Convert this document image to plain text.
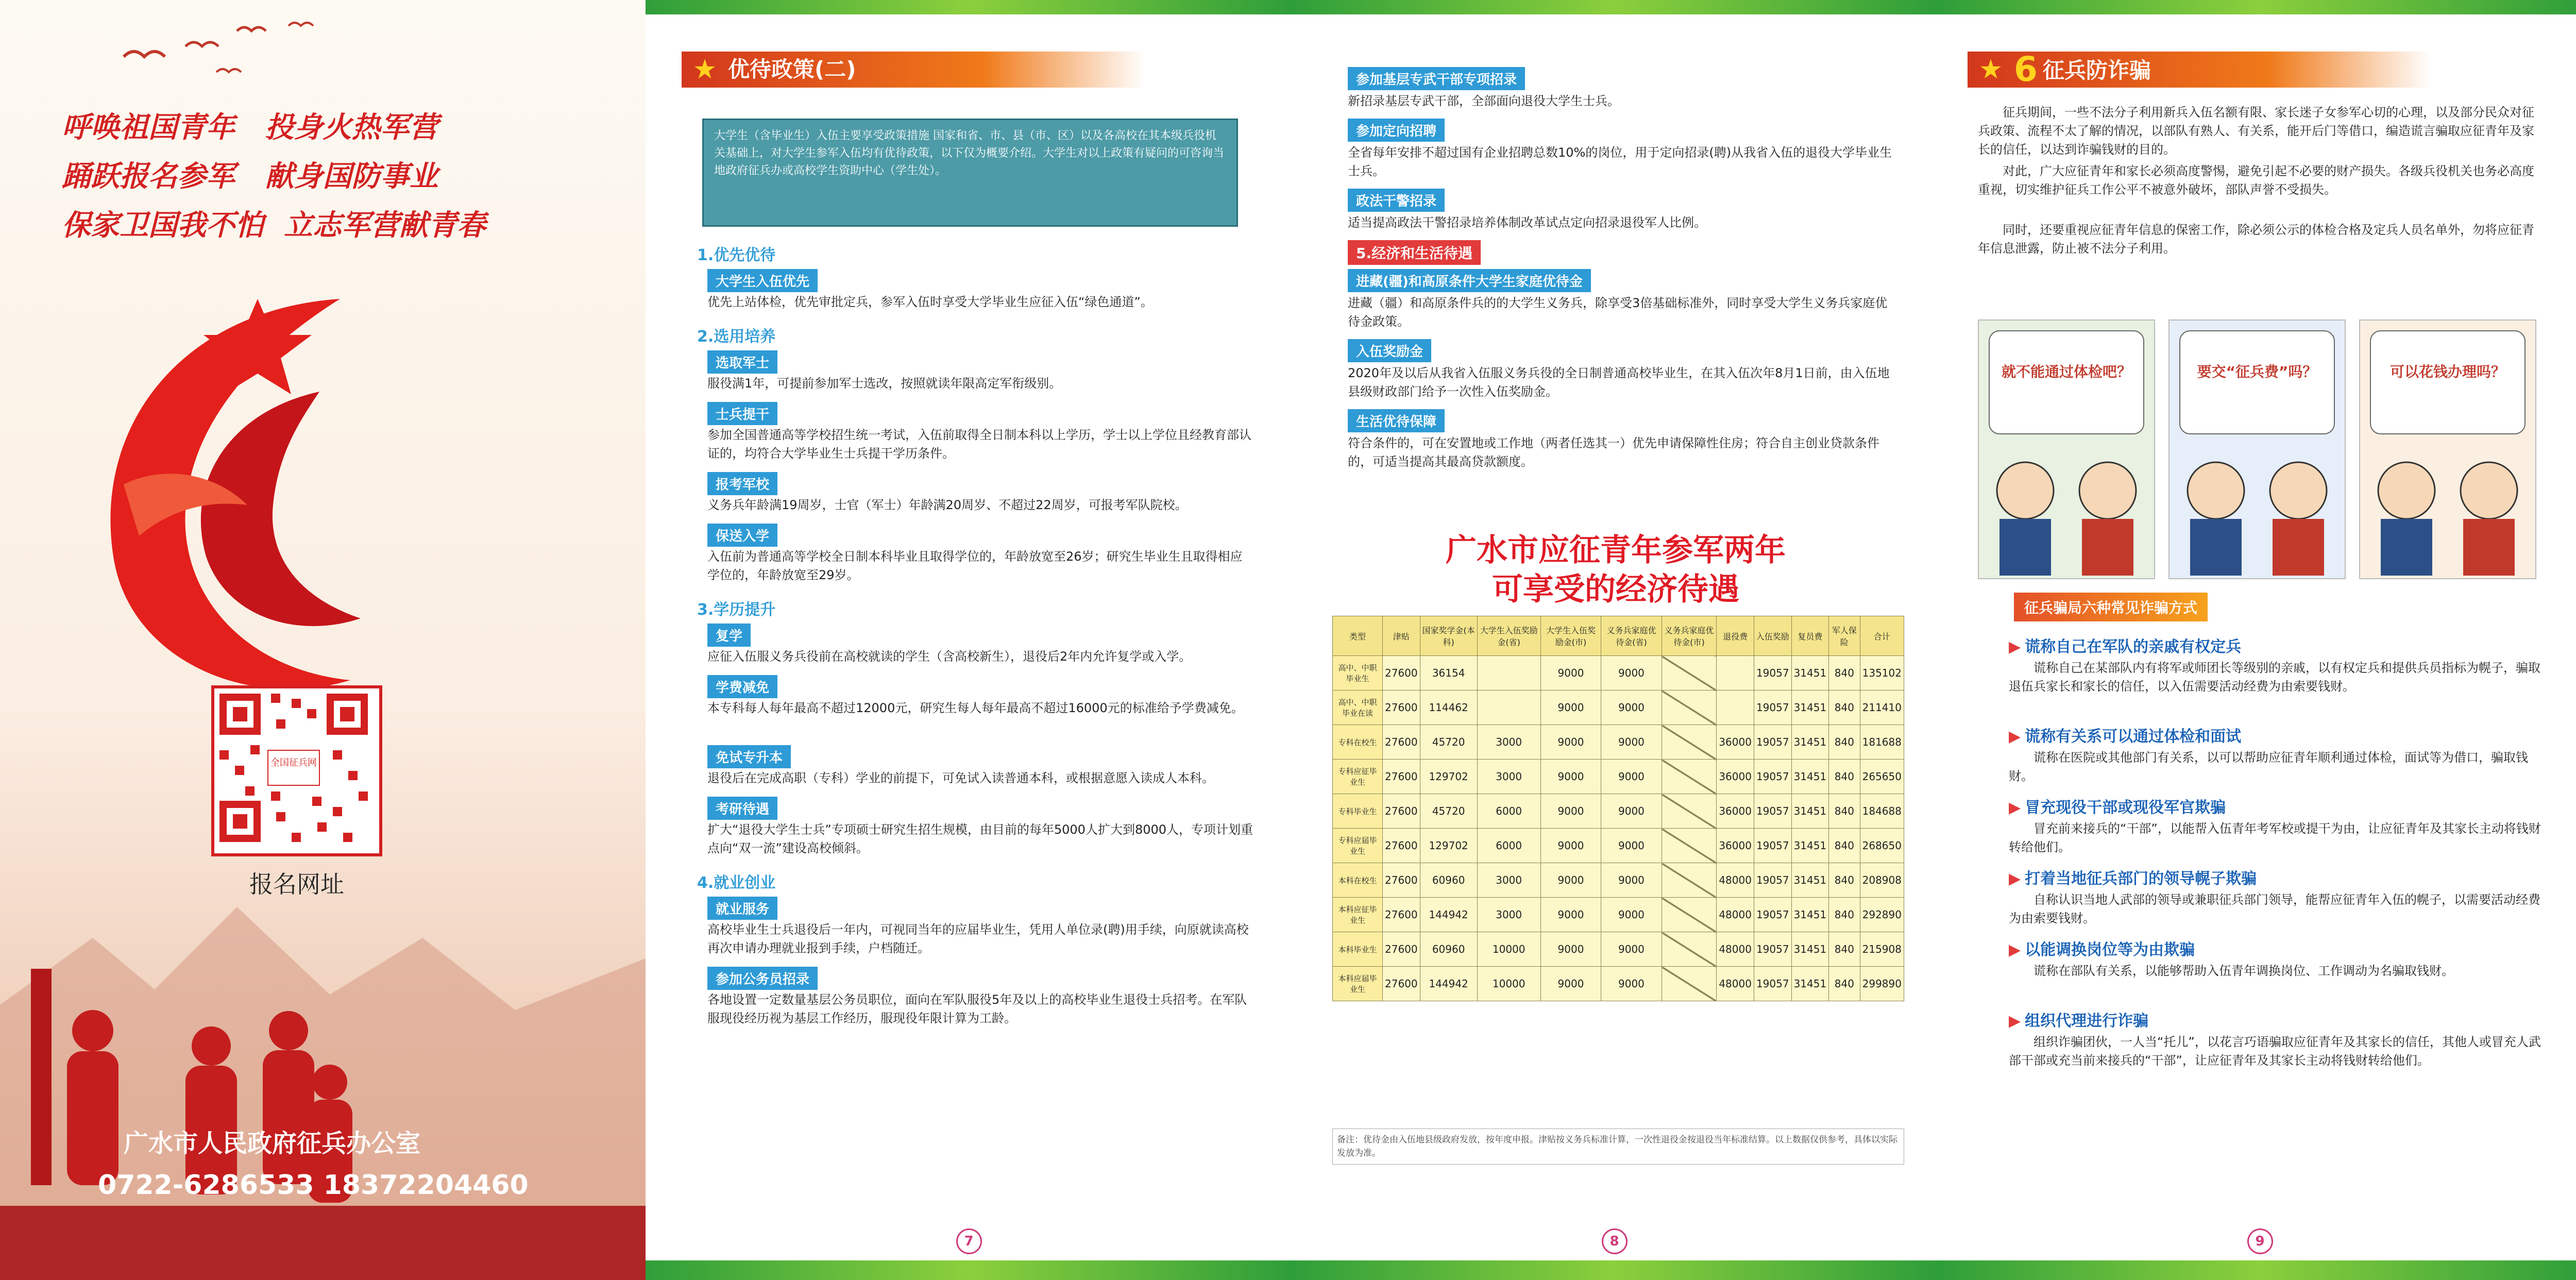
呼唤祖国青年 投身火热军营
踊跃报名参军 献身国防事业
保家卫国我不怕 立志军营献青春
全国征兵网
报名网址
广水市人民政府征兵办公室
0722-6286533 18372204460
★ 优待政策(二)
大学生（含毕业生）入伍主要享受政策措施 国家和省、市、县（市、区）以及各高校在其本级兵役机关基础上，对大学生参军入伍均有优待政策，以下仅为概要介绍。大学生对以上政策有疑问的可咨询当地政府征兵办或高校学生资助中心（学生处）。
1.优先优待
大学生入伍优先
优先上站体检，优先审批定兵，参军入伍时享受大学毕业生应征入伍“绿色通道”。
2.选用培养
选取军士
服役满1年，可提前参加军士选改，按照就读年限高定军衔级别。
士兵提干
参加全国普通高等学校招生统一考试，入伍前取得全日制本科以上学历，学士以上学位且经教育部认证的，均符合大学毕业生士兵提干学历条件。
报考军校
义务兵年龄满19周岁，士官（军士）年龄满20周岁、不超过22周岁，可报考军队院校。
保送入学
入伍前为普通高等学校全日制本科毕业且取得学位的，年龄放宽至26岁；研究生毕业生且取得相应学位的，年龄放宽至29岁。
3.学历提升
复学
应征入伍服义务兵役前在高校就读的学生（含高校新生），退役后2年内允许复学或入学。
学费减免
本专科每人每年最高不超过12000元，研究生每人每年最高不超过16000元的标准给予学费减免。
免试专升本
退役后在完成高职（专科）学业的前提下，可免试入读普通本科，或根据意愿入读成人本科。
考研待遇
扩大“退役大学生士兵”专项硕士研究生招生规模，由目前的每年5000人扩大到8000人，专项计划重点向“双一流”建设高校倾斜。
4.就业创业
就业服务
高校毕业生士兵退役后一年内，可视同当年的应届毕业生，凭用人单位录(聘)用手续，向原就读高校再次申请办理就业报到手续，户档随迁。
参加公务员招录
各地设置一定数量基层公务员职位，面向在军队服役5年及以上的高校毕业生退役士兵招考。在军队服现役经历视为基层工作经历，服现役年限计算为工龄。
7
参加基层专武干部专项招录
新招录基层专武干部，全部面向退役大学生士兵。
参加定向招聘
全省每年安排不超过国有企业招聘总数10%的岗位，用于定向招录(聘)从我省入伍的退役大学毕业生士兵。
政法干警招录
适当提高政法干警招录培养体制改革试点定向招录退役军人比例。
5.经济和生活待遇
进藏(疆)和高原条件大学生家庭优待金
进藏（疆）和高原条件兵的的大学生义务兵，除享受3倍基础标准外，同时享受大学生义务兵家庭优待金政策。
入伍奖励金
2020年及以后从我省入伍服义务兵役的全日制普通高校毕业生，在其入伍次年8月1日前，由入伍地县级财政部门给予一次性入伍奖励金。
生活优待保障
符合条件的，可在安置地或工作地（两者任选其一）优先申请保障性住房；符合自主创业贷款条件的，可适当提高其最高贷款额度。
广水市应征青年参军两年
可享受的经济待遇
类型	津贴	国家奖学金(本科)	大学生入伍奖励金(省)	大学生入伍奖励金(市)	义务兵家庭优待金(省)	义务兵家庭优待金(市)	退役费	入伍奖励	复员费	军人保险	合计
高中、中职毕业生	27600	36154		9000	9000			19057	31451	840	135102
高中、中职毕业在读	27600	114462		9000	9000			19057	31451	840	211410
专科在校生	27600	45720	3000	9000	9000		36000	19057	31451	840	181688
专科应征毕业生	27600	129702	3000	9000	9000		36000	19057	31451	840	265650
专科毕业生	27600	45720	6000	9000	9000		36000	19057	31451	840	184688
专科应届毕业生	27600	129702	6000	9000	9000		36000	19057	31451	840	268650
本科在校生	27600	60960	3000	9000	9000		48000	19057	31451	840	208908
本科应征毕业生	27600	144942	3000	9000	9000		48000	19057	31451	840	292890
本科毕业生	27600	60960	10000	9000	9000		48000	19057	31451	840	215908
本科应届毕业生	27600	144942	10000	9000	9000		48000	19057	31451	840	299890
备注：优待金由入伍地县级政府发放，按年度申报。津贴按义务兵标准计算，一次性退役金按退役当年标准结算。以上数据仅供参考，具体以实际发放为准。
8
★ 6 征兵防诈骗
征兵期间，一些不法分子利用新兵入伍名额有限、家长迷子女参军心切的心理，以及部分民众对征兵政策、流程不太了解的情况，以部队有熟人、有关系，能开后门等借口，编造谎言骗取应征青年及家长的信任，以达到诈骗钱财的目的。
对此，广大应征青年和家长必须高度警惕，避免引起不必要的财产损失。各级兵役机关也务必高度重视，切实维护征兵工作公平不被意外破坏，部队声誉不受损失。
同时，还要重视应征青年信息的保密工作，除必须公示的体检合格及定兵人员名单外，勿将应征青年信息泄露，防止被不法分子利用。
就不能通过体检吧？	要交“征兵费”吗？	可以花钱办理吗？
征兵骗局六种常见诈骗方式
▶ 谎称自己在军队的亲戚有权定兵
谎称自己在某部队内有将军或师团长等级别的亲戚，以有权定兵和提供兵员指标为幌子，骗取退伍兵家长和家长的信任，以入伍需要活动经费为由索要钱财。
▶ 谎称有关系可以通过体检和面试
谎称在医院或其他部门有关系，以可以帮助应征青年顺利通过体检，面试等为借口，骗取钱财。
▶ 冒充现役干部或现役军官欺骗
冒充前来接兵的“干部”，以能帮入伍青年考军校或提干为由，让应征青年及其家长主动将钱财转给他们。
▶ 打着当地征兵部门的领导幌子欺骗
自称认识当地人武部的领导或兼职征兵部门领导，能帮应征青年入伍的幌子，以需要活动经费为由索要钱财。
▶ 以能调换岗位等为由欺骗
谎称在部队有关系，以能够帮助入伍青年调换岗位、工作调动为名骗取钱财。
▶ 组织代理进行诈骗
组织诈骗团伙，一人当“托儿”，以花言巧语骗取应征青年及其家长的信任，其他人或冒充人武部干部或充当前来接兵的“干部”，让应征青年及其家长主动将钱财转给他们。
9
